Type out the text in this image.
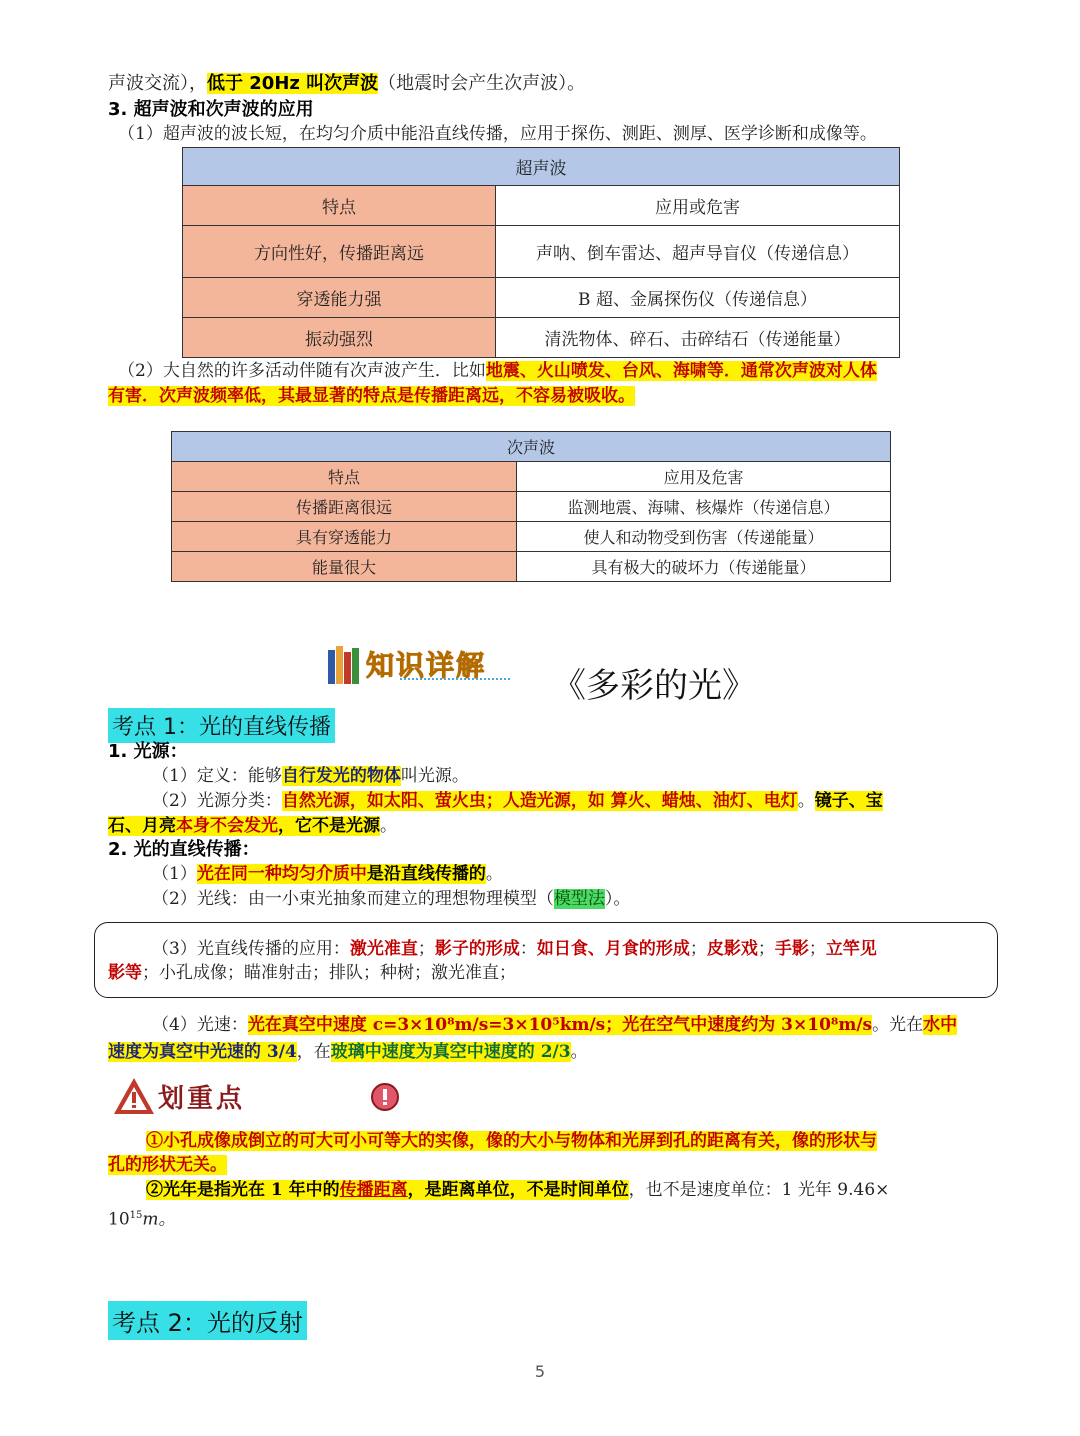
声波交流），低于 20Hz 叫次声波（地震时会产生次声波）。
3. 超声波和次声波的应用
（1）超声波的波长短，在均匀介质中能沿直线传播，应用于探伤、测距、测厚、医学诊断和成像等。
超声波	
特点	应用或危害
方向性好，传播距离远	声呐、倒车雷达、超声导盲仪（传递信息）
穿透能力强	B 超、金属探伤仪（传递信息）
振动强烈	清洗物体、碎石、击碎结石（传递能量）
（2）大自然的许多活动伴随有次声波产生．比如地震、火山喷发、台风、海啸等．通常次声波对人体
有害．次声波频率低，其最显著的特点是传播距离远，不容易被吸收。
次声波	
特点	应用及危害
传播距离很远	监测地震、海啸、核爆炸（传递信息）
具有穿透能力	使人和动物受到伤害（传递能量）
能量很大	具有极大的破坏力（传递能量）
知识详解
《多彩的光》
考点 1：光的直线传播
1. 光源：
（1）定义：能够自行发光的物体叫光源。
（2）光源分类：自然光源，如太阳、萤火虫；人造光源，如 算火、蜡烛、油灯、电灯。镜子、宝
石、月亮本身不会发光，它不是光源。
2. 光的直线传播：
（1）光在同一种均匀介质中是沿直线传播的。
（2）光线：由一小束光抽象而建立的理想物理模型（模型法）。
（3）光直线传播的应用：激光准直；影子的形成：如日食、月食的形成；皮影戏；手影；立竿见
影等；小孔成像；瞄准射击；排队；种树；激光准直；
（4）光速：光在真空中速度 c=3×10⁸m/s=3×10⁵km/s；光在空气中速度约为 3×10⁸m/s。光在水中
速度为真空中光速的 3/4，在玻璃中速度为真空中速度的 2/3。
划重点
①小孔成像成倒立的可大可小可等大的实像，像的大小与物体和光屏到孔的距离有关，像的形状与
孔的形状无关。
②光年是指光在 1 年中的传播距离，是距离单位，不是时间单位，也不是速度单位：1 光年 9.46×
$10^{15}m$。
考点 2：光的反射
5
